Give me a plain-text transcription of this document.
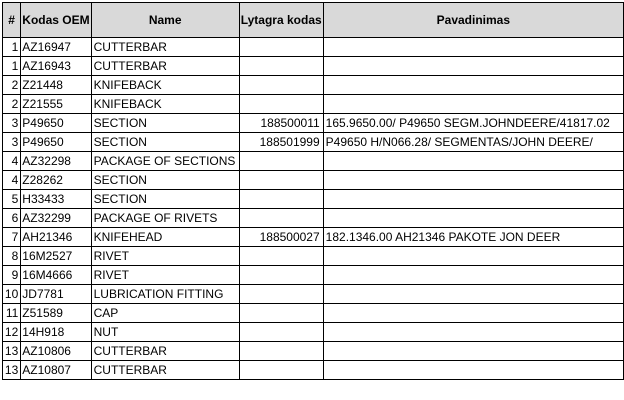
#	Kodas OEM	Name	Lytagra kodas	Pavadinimas
1	AZ16947	CUTTERBAR		
1	AZ16943	CUTTERBAR		
2	Z21448	KNIFEBACK		
2	Z21555	KNIFEBACK		
3	P49650	SECTION	188500011	165.9650.00/ P49650 SEGM.JOHNDEERE/41817.02
3	P49650	SECTION	188501999	P49650 H/N066.28/ SEGMENTAS/JOHN DEERE/
4	AZ32298	PACKAGE OF SECTIONS		
4	Z28262	SECTION		
5	H33433	SECTION		
6	AZ32299	PACKAGE OF RIVETS		
7	AH21346	KNIFEHEAD	188500027	182.1346.00 AH21346 PAKOTE JON DEER
8	16M2527	RIVET		
9	16M4666	RIVET		
10	JD7781	LUBRICATION FITTING		
11	Z51589	CAP		
12	14H918	NUT		
13	AZ10806	CUTTERBAR		
13	AZ10807	CUTTERBAR		
